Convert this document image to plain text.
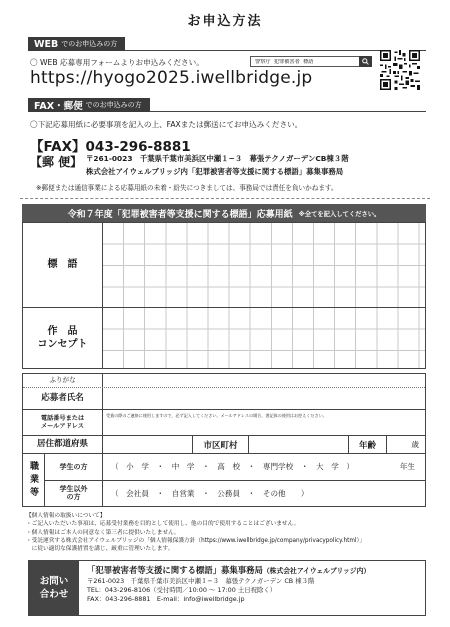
お申込方法
WEB でのお申込みの方
〇 WEB 応募専用フォームよりお申込みください。
警察庁 犯罪被害者 標語
https://hyogo2025.iwellbridge.jp
FAX・郵便 でのお申込みの方
〇下記応募用紙に必要事項を記入の上、FAXまたは郵送にてお申込みください。
【FAX】043-296-8881
【郵 便】 〒261-0023　千葉県千葉市美浜区中瀬１−３　幕張テクノガーデンCB棟３階
株式会社アイウェルブリッジ内「犯罪被害者等支援に関する標語」募集事務局
※郵便または通信事業による応募用紙の未着・紛失につきましては、事務局では責任を負いかねます。
令和７年度「犯罪被害者等支援に関する標語」応募用紙 ※全てを記入してください。
標　語
作　品
コンセプト
ふりがな
応募者氏名
電話番号または
メールアドレス
受賞の際のご連絡に使用しますので、必ず記入してください。メールアドレスの場合、書記体の使用はお控えください。
居住都道府県	市区町村	年齢	歳
職業等	学生の方	（　小　学　・　中　学　・　高　校　・　専門学校　・　大　学　）	年生
学生以外
の方	（　会社員　・　自営業　・　公務員　・　その他　　）
【個人情報の取扱いについて】
・ご記入いただいた事項は、応募受付業務を目的として使用し、他の目的で使用することはございません。
・個人情報はご本人の同意なく第三者に提供いたしません。
・受託運営する株式会社アイウェルブリッジの「個人情報保護方針（https://www.iwellbridge.jp/company/privacypolicy.html）」
　に従い適切な保護措置を講じ、厳重に管理いたします。
お問い
合わせ
「犯罪被害者等支援に関する標語」募集事務局（株式会社アイウェルブリッジ内）
〒261-0023　千葉県千葉市美浜区中瀬１−３　幕張テクノガーデン CB 棟３階
TEL：043-296-8106（受付時間／10:00 〜 17:00 土日祝除く）
FAX：043-296-8881　E-mail：info@iwellbridge.jp
